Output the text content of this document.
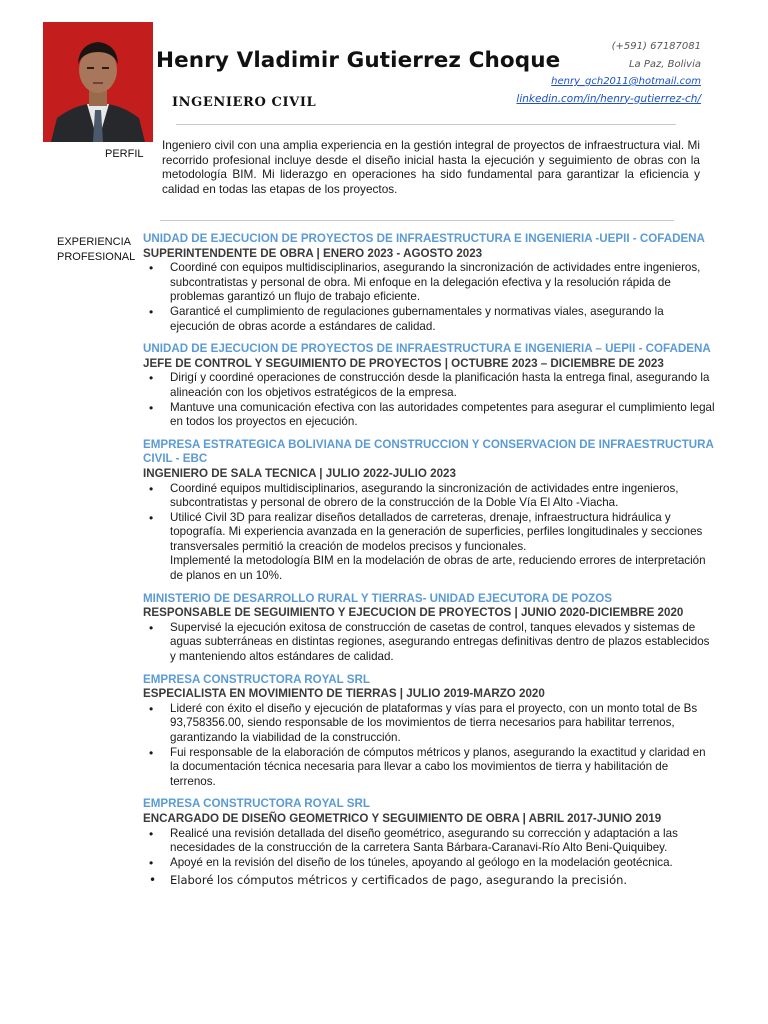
Henry Vladimir Gutierrez Choque
INGENIERO CIVIL
(+591) 67187081
La Paz, Bolivia
henry_gch2011@hotmail.com
linkedin.com/in/henry-gutierrez-ch/
PERFIL
Ingeniero civil con una amplia experiencia en la gestión integral de proyectos de infraestructura vial. Mi recorrido profesional incluye desde el diseño inicial hasta la ejecución y seguimiento de obras con la metodología BIM. Mi liderazgo en operaciones ha sido fundamental para garantizar la eficiencia y calidad en todas las etapas de los proyectos.
EXPERIENCIA
PROFESIONAL
UNIDAD DE EJECUCION DE PROYECTOS DE INFRAESTRUCTURA E INGENIERIA -UEPII - COFADENA
SUPERINTENDENTE DE OBRA | ENERO 2023 - AGOSTO 2023
• Coordiné con equipos multidisciplinarios, asegurando la sincronización de actividades entre ingenieros, subcontratistas y personal de obra. Mi enfoque en la delegación efectiva y la resolución rápida de problemas garantizó un flujo de trabajo eficiente.
• Garanticé el cumplimiento de regulaciones gubernamentales y normativas viales, asegurando la ejecución de obras acorde a estándares de calidad.
UNIDAD DE EJECUCION DE PROYECTOS DE INFRAESTRUCTURA E INGENIERIA – UEPII - COFADENA
JEFE DE CONTROL Y SEGUIMIENTO DE PROYECTOS | OCTUBRE 2023 – DICIEMBRE DE 2023
• Dirigí y coordiné operaciones de construcción desde la planificación hasta la entrega final, asegurando la alineación con los objetivos estratégicos de la empresa.
• Mantuve una comunicación efectiva con las autoridades competentes para asegurar el cumplimiento legal en todos los proyectos en ejecución.
EMPRESA ESTRATEGICA BOLIVIANA DE CONSTRUCCION Y CONSERVACION DE INFRAESTRUCTURA CIVIL - EBC
INGENIERO DE SALA TECNICA | JULIO 2022-JULIO 2023
• Coordiné equipos multidisciplinarios, asegurando la sincronización de actividades entre ingenieros, subcontratistas y personal de obrero de la construcción de la Doble Vía El Alto -Viacha.
• Utilicé Civil 3D para realizar diseños detallados de carreteras, drenaje, infraestructura hidráulica y topografía. Mi experiencia avanzada en la generación de superficies, perfiles longitudinales y secciones transversales permitió la creación de modelos precisos y funcionales.
Implementé la metodología BIM en la modelación de obras de arte, reduciendo errores de interpretación de planos en un 10%.
MINISTERIO DE DESARROLLO RURAL Y TIERRAS- UNIDAD EJECUTORA DE POZOS
RESPONSABLE DE SEGUIMIENTO Y EJECUCION DE PROYECTOS | JUNIO 2020-DICIEMBRE 2020
• Supervisé la ejecución exitosa de construcción de casetas de control, tanques elevados y sistemas de aguas subterráneas en distintas regiones, asegurando entregas definitivas dentro de plazos establecidos y manteniendo altos estándares de calidad.
EMPRESA CONSTRUCTORA ROYAL SRL
ESPECIALISTA EN MOVIMIENTO DE TIERRAS | JULIO 2019-MARZO 2020
• Lideré con éxito el diseño y ejecución de plataformas y vías para el proyecto, con un monto total de Bs 93,758356.00, siendo responsable de los movimientos de tierra necesarios para habilitar terrenos, garantizando la viabilidad de la construcción.
• Fui responsable de la elaboración de cómputos métricos y planos, asegurando la exactitud y claridad en la documentación técnica necesaria para llevar a cabo los movimientos de tierra y habilitación de terrenos.
EMPRESA CONSTRUCTORA ROYAL SRL
ENCARGADO DE DISEÑO GEOMETRICO Y SEGUIMIENTO DE OBRA | ABRIL 2017-JUNIO 2019
• Realicé una revisión detallada del diseño geométrico, asegurando su corrección y adaptación a las necesidades de la construcción de la carretera Santa Bárbara-Caranavi-Río Alto Beni-Quiquibey.
• Apoyé en la revisión del diseño de los túneles, apoyando al geólogo en la modelación geotécnica.
• Elaboré los cómputos métricos y certificados de pago, asegurando la precisión.
